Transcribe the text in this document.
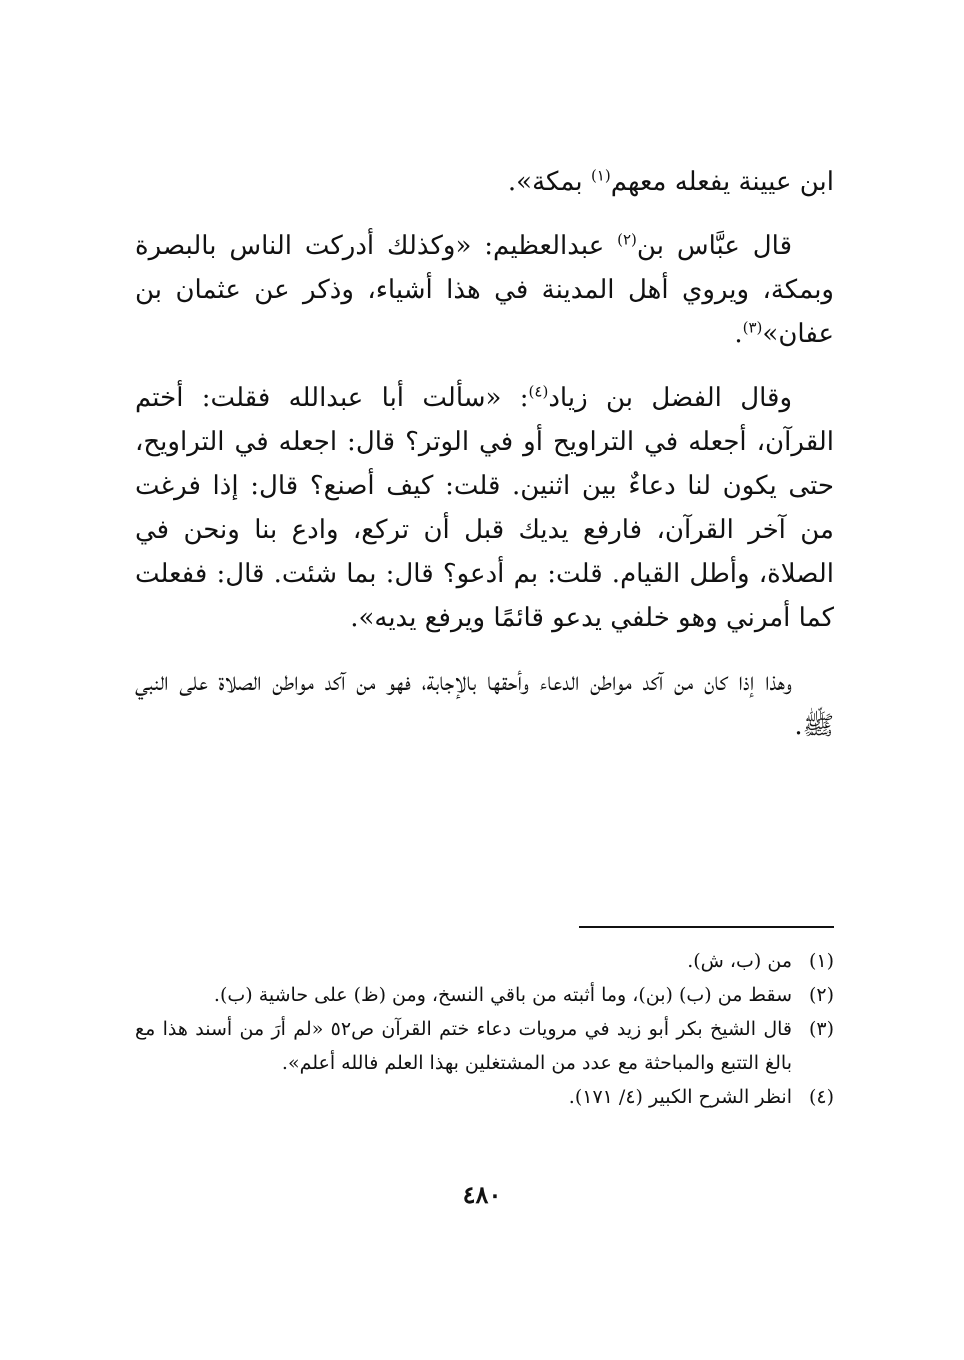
ابن عيينة يفعله معهم$^{(١)}$ بمكة».

قال عبَّاس بن$^{(٢)}$ عبدالعظيم: «وكذلك أدركت الناس بالبصرة وبمكة، ويروي أهل المدينة في هذا أشياء، وذكر عن عثمان بن عفان»$^{(٣)}$.

وقال الفضل بن زياد$^{(٤)}$: «سألت أبا عبدالله فقلت: أختم القرآن، أجعله في التراويح أو في الوتر؟ قال: اجعله في التراويح، حتى يكون لنا دعاءٌ بين اثنين. قلت: كيف أصنع؟ قال: إذا فرغت من آخر القرآن، فارفع يديك قبل أن تركع، وادع بنا ونحن في الصلاة، وأطل القيام. قلت: بم أدعو؟ قال: بما شئت. قال: ففعلت كما أمرني وهو خلفي يدعو قائمًا ويرفع يديه».

وهذا إذا كان من آكد مواطن الدعاء وأحقها بالإجابة، فهو من آكد مواطن الصلاة على النبي ﷺ.

(١)
من (ب، ش).
(٢)
سقط من (ب) (بن)، وما أثبته من باقي النسخ، ومن (ظ) على حاشية (ب).
(٣)
قال الشيخ بكر أبو زيد في مرويات دعاء ختم القرآن ص٥٢ «لم أرَ من أسند هذا مع بالغ التتبع والمباحثة مع عدد من المشتغلين بهذا العلم فالله أعلم».
(٤)
انظر الشرح الكبير (٤/ ١٧١).
٤٨٠
